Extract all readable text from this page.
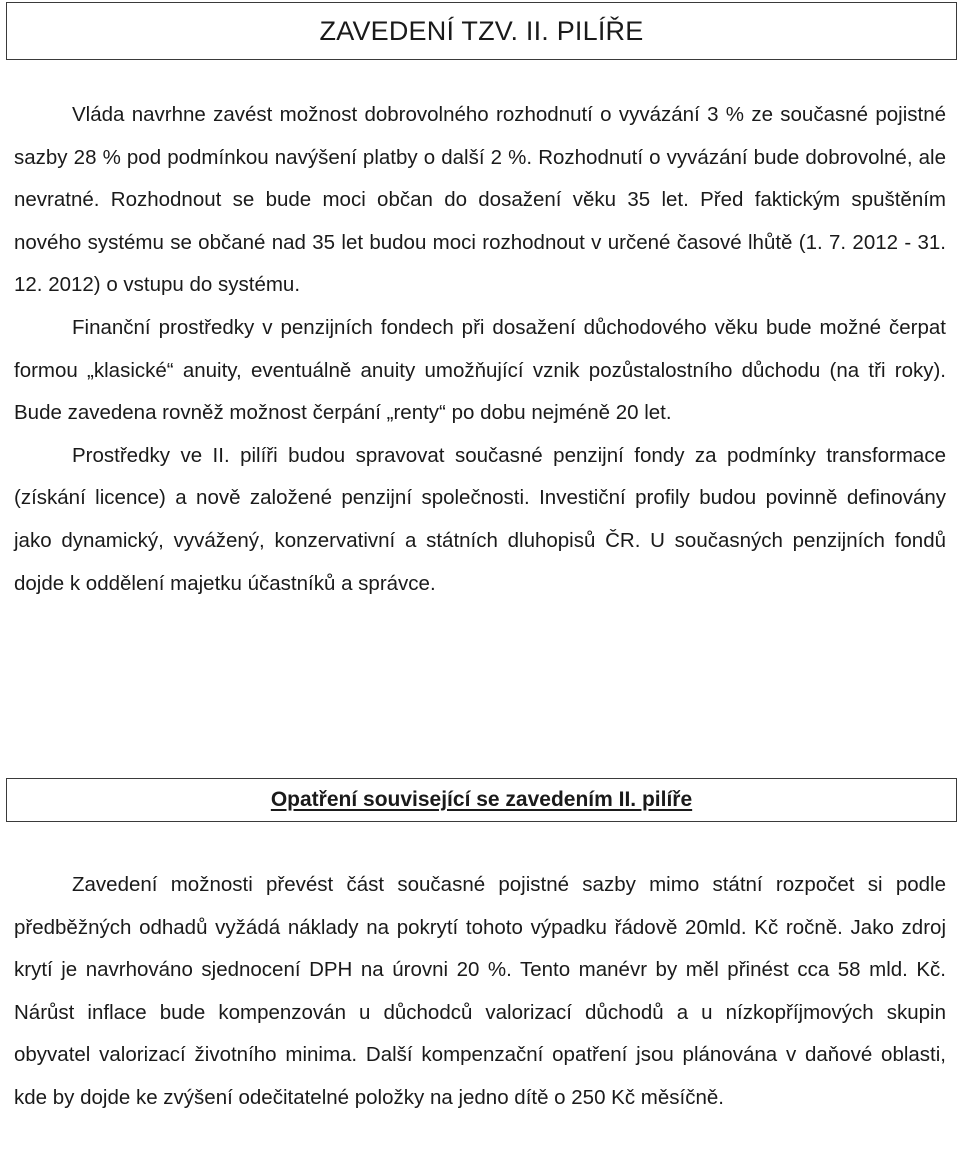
ZAVEDENÍ TZV. II. PILÍŘE

Vláda navrhne zavést možnost dobrovolného rozhodnutí o vyvázání 3 % ze současné pojistné sazby 28 % pod podmínkou navýšení platby o další 2 %. Rozhodnutí o vyvázání bude dobrovolné, ale nevratné. Rozhodnout se bude moci občan do dosažení věku 35 let. Před faktickým spuštěním nového systému se občané nad 35 let budou moci rozhodnout v určené časové lhůtě (1. 7. 2012 - 31. 12. 2012) o vstupu do systému.

Finanční prostředky v penzijních fondech při dosažení důchodového věku bude možné čerpat formou „klasické“ anuity, eventuálně anuity umožňující vznik pozůstalostního důchodu (na tři roky). Bude zavedena rovněž možnost čerpání „renty“ po dobu nejméně 20 let.

Prostředky ve II. pilíři budou spravovat současné penzijní fondy za podmínky transformace (získání licence) a nově založené penzijní společnosti. Investiční profily budou povinně definovány jako dynamický, vyvážený, konzervativní a státních dluhopisů ČR. U současných penzijních fondů dojde k oddělení majetku účastníků a správce.

Opatření související se zavedením II. pilíře

Zavedení možnosti převést část současné pojistné sazby mimo státní rozpočet si podle předběžných odhadů vyžádá náklady na pokrytí tohoto výpadku řádově 20mld. Kč ročně. Jako zdroj krytí je navrhováno sjednocení DPH na úrovni 20 %. Tento manévr by měl přinést cca 58 mld. Kč. Nárůst inflace bude kompenzován u důchodců valorizací důchodů a u nízkopříjmových skupin obyvatel valorizací životního minima. Další kompenzační opatření jsou plánována v daňové oblasti, kde by dojde ke zvýšení odečitatelné položky na jedno dítě o 250 Kč měsíčně.
